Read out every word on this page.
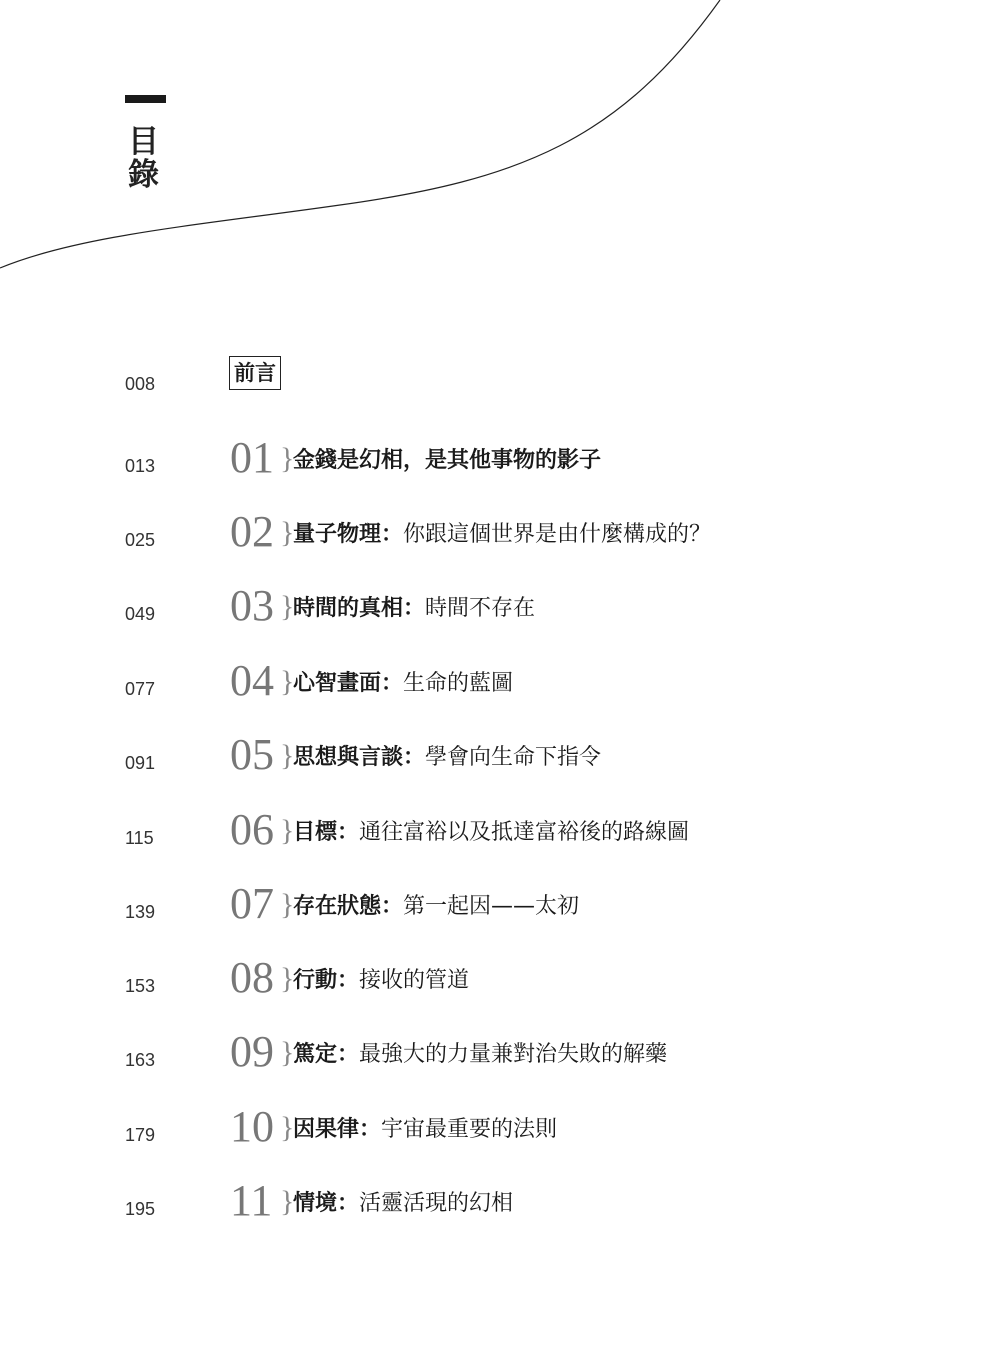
目
錄
008	前言
013 01 }
金錢是幻相，是其他事物的影子
025 02 }
量子物理：你跟這個世界是由什麼構成的？
049 03 }
時間的真相：時間不存在
077 04 }
心智畫面：生命的藍圖
091 05 }
思想與言談：學會向生命下指令
115 06 }
目標：通往富裕以及抵達富裕後的路線圖
139 07 }
存在狀態：第一起因——太初
153 08 }
行動：接收的管道
163 09 }
篤定：最強大的力量兼對治失敗的解藥
179 10 }
因果律：宇宙最重要的法則
195 11 }
情境：活靈活現的幻相
